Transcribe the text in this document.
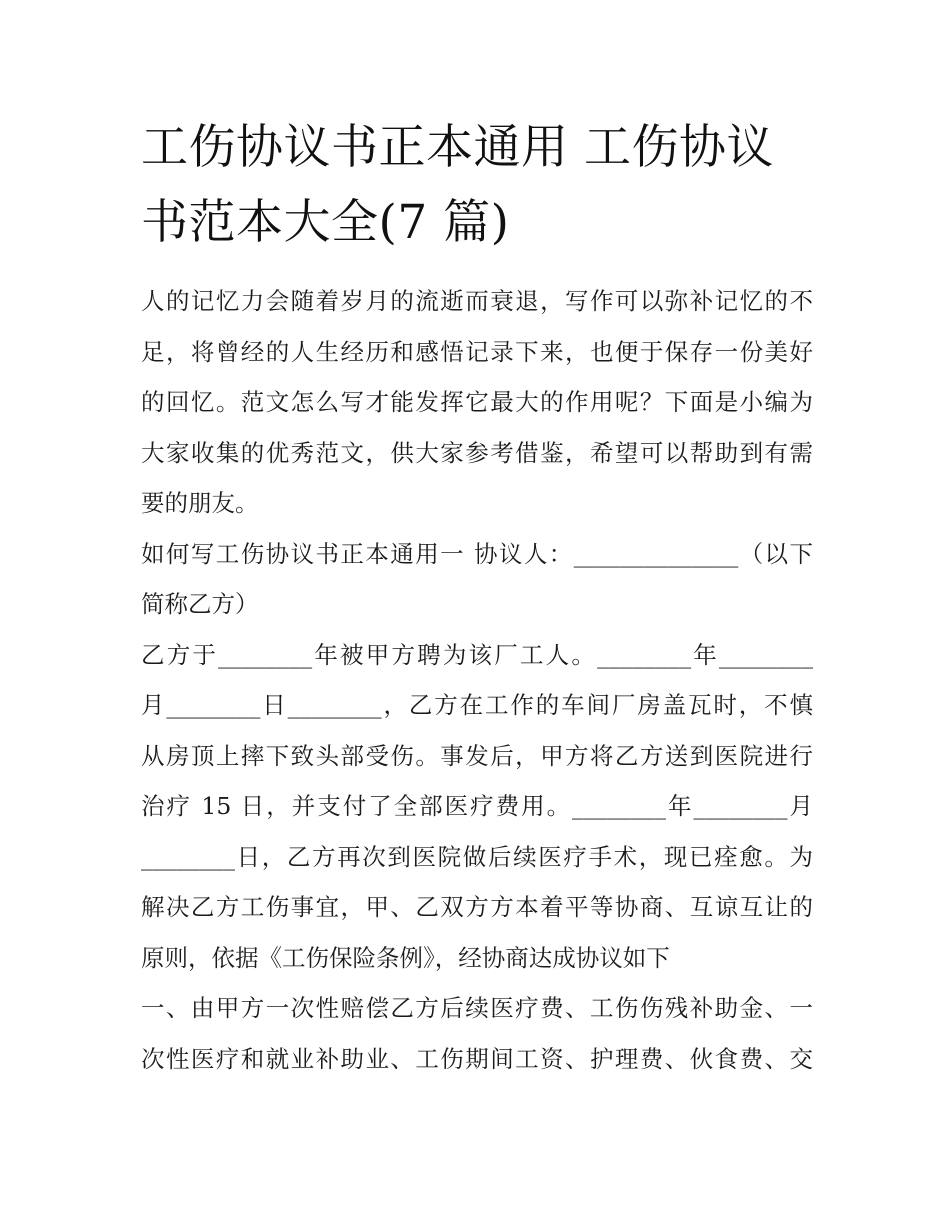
工伤协议书正本通用 工伤协议
书范本大全(7 篇)

人的记忆力会随着岁月的流逝而衰退，写作可以弥补记忆的不
足，将曾经的人生经历和感悟记录下来，也便于保存一份美好
的回忆。范文怎么写才能发挥它最大的作用呢？下面是小编为
大家收集的优秀范文，供大家参考借鉴，希望可以帮助到有需
要的朋友。

如何写工伤协议书正本通用一 协议人：______________（以下
简称乙方）

乙方于________年被甲方聘为该厂工人。________年________
月________日________，乙方在工作的车间厂房盖瓦时，不慎
从房顶上摔下致头部受伤。事发后，甲方将乙方送到医院进行
治疗 15 日，并支付了全部医疗费用。________年________月
________日，乙方再次到医院做后续医疗手术，现已痊愈。为
解决乙方工伤事宜，甲、乙双方方本着平等协商、互谅互让的
原则，依据《工伤保险条例》，经协商达成协议如下

一、由甲方一次性赔偿乙方后续医疗费、工伤伤残补助金、一
次性医疗和就业补助业、工伤期间工资、护理费、伙食费、交
